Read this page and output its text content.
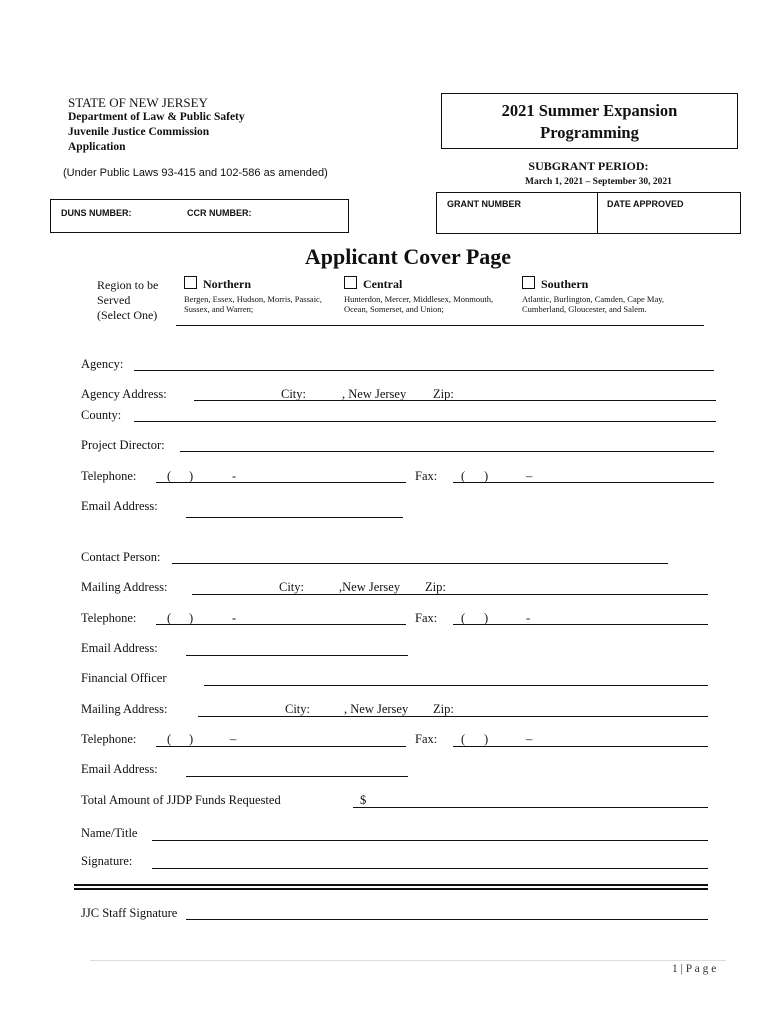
STATE OF NEW JERSEY
Department of Law & Public Safety
Juvenile Justice Commission
Application
(Under Public Laws 93-415 and 102-586 as amended)
2021 Summer Expansion
Programming
SUBGRANT PERIOD:
March 1, 2021 – September 30, 2021
GRANT NUMBER	DATE APPROVED
DUNS NUMBER:	CCR NUMBER:
Applicant Cover Page
Region to be
Served
(Select One)
Northern
Bergen, Essex, Hudson, Morris, Passaic, Sussex, and Warren;
Central
Hunterdon, Mercer, Middlesex, Monmouth, Ocean, Somerset, and Union;
Southern
Atlantic, Burlington, Camden, Cape May, Cumberland, Gloucester, and Salem.
Agency:
Agency Address:	City:	, New Jersey Zip:
County:
Project Director:
Telephone: ( )	-	Fax: ( )	–
Email Address:
Contact Person:
Mailing Address:	City:	,New Jersey Zip:
Telephone: ( )	-	Fax: ( )	-
Email Address:
Financial Officer
Mailing Address:	City:	, New Jersey Zip:
Telephone: ( )	–	Fax: ( )	–
Email Address:
Total Amount of JJDP Funds Requested	$
Name/Title
Signature:
JJC Staff Signature
1 | P a g e
